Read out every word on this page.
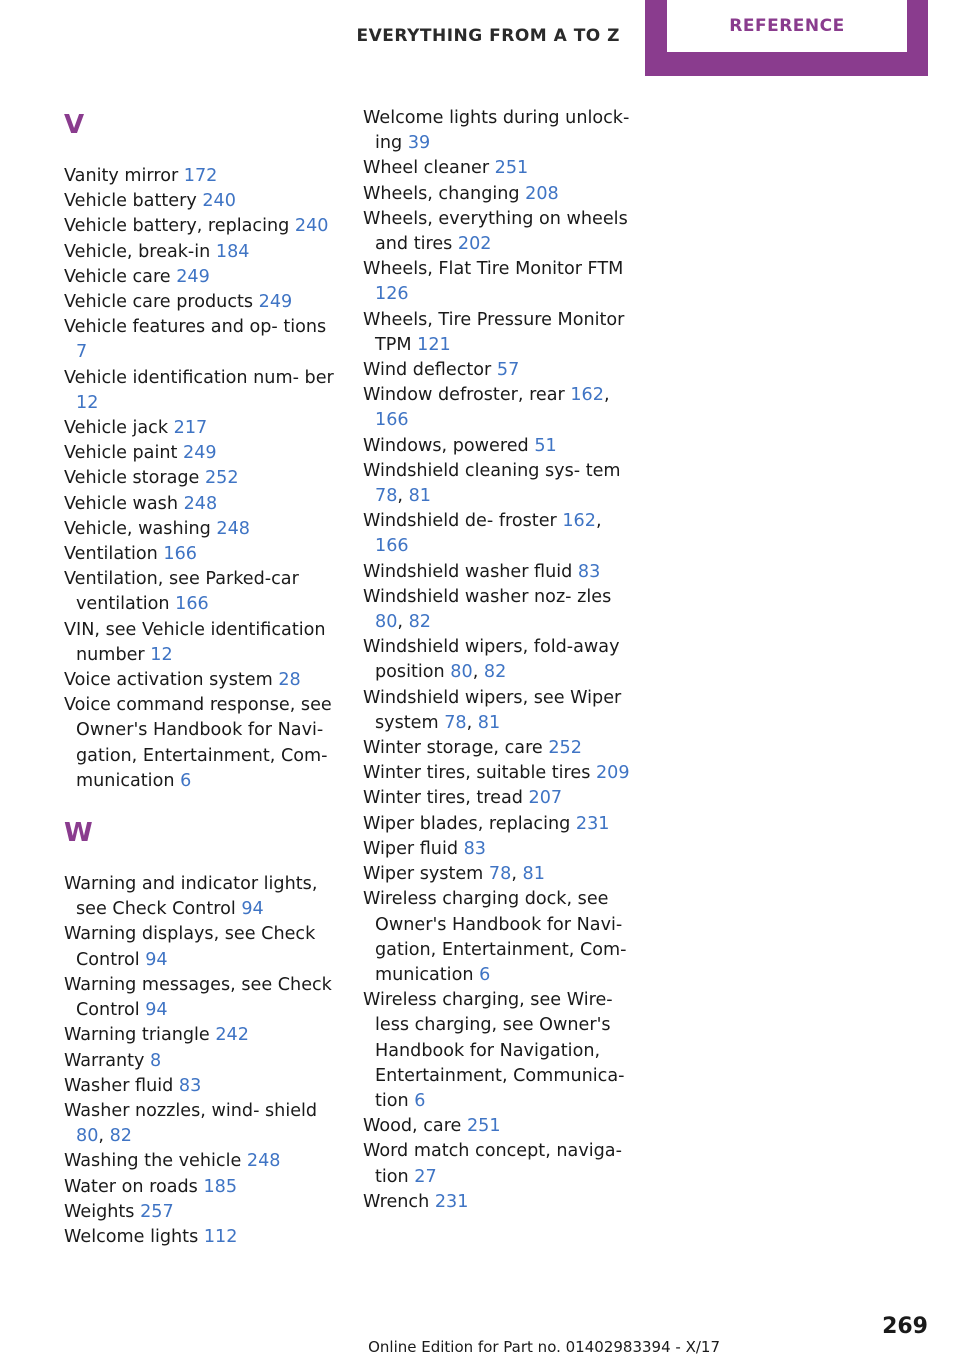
EVERYTHING FROM A TO Z	REFERENCE
V
Vanity mirror 172
Vehicle battery 240
Vehicle battery, replacing 240
Vehicle, break-in 184
Vehicle care 249
Vehicle care products 249
Vehicle features and op‐ tions 7
Vehicle identification num‐ ber 12
Vehicle jack 217
Vehicle paint 249
Vehicle storage 252
Vehicle wash 248
Vehicle, washing 248
Ventilation 166
Ventilation, see Parked-car ventilation 166
VIN, see Vehicle identification number 12
Voice activation system 28
Voice command response, see Owner's Handbook for Navi‐ gation, Entertainment, Com‐ munication 6
W
Warning and indicator lights, see Check Control 94
Warning displays, see Check Control 94
Warning messages, see Check Control 94
Warning triangle 242
Warranty 8
Washer fluid 83
Washer nozzles, wind‐ shield 80, 82
Washing the vehicle 248
Water on roads 185
Weights 257
Welcome lights 112
Welcome lights during unlock‐ ing 39
Wheel cleaner 251
Wheels, changing 208
Wheels, everything on wheels and tires 202
Wheels, Flat Tire Monitor FTM 126
Wheels, Tire Pressure Monitor TPM 121
Wind deflector 57
Window defroster, rear 162, 166
Windows, powered 51
Windshield cleaning sys‐ tem 78, 81
Windshield de‐ froster 162, 166
Windshield washer fluid 83
Windshield washer noz‐ zles 80, 82
Windshield wipers, fold-away position 80, 82
Windshield wipers, see Wiper system 78, 81
Winter storage, care 252
Winter tires, suitable tires 209
Winter tires, tread 207
Wiper blades, replacing 231
Wiper fluid 83
Wiper system 78, 81
Wireless charging dock, see Owner's Handbook for Navi‐ gation, Entertainment, Com‐ munication 6
Wireless charging, see Wire‐ less charging, see Owner's Handbook for Navigation, Entertainment, Communica‐ tion 6
Wood, care 251
Word match concept, naviga‐ tion 27
Wrench 231
269
Online Edition for Part no. 01402983394 - X/17
